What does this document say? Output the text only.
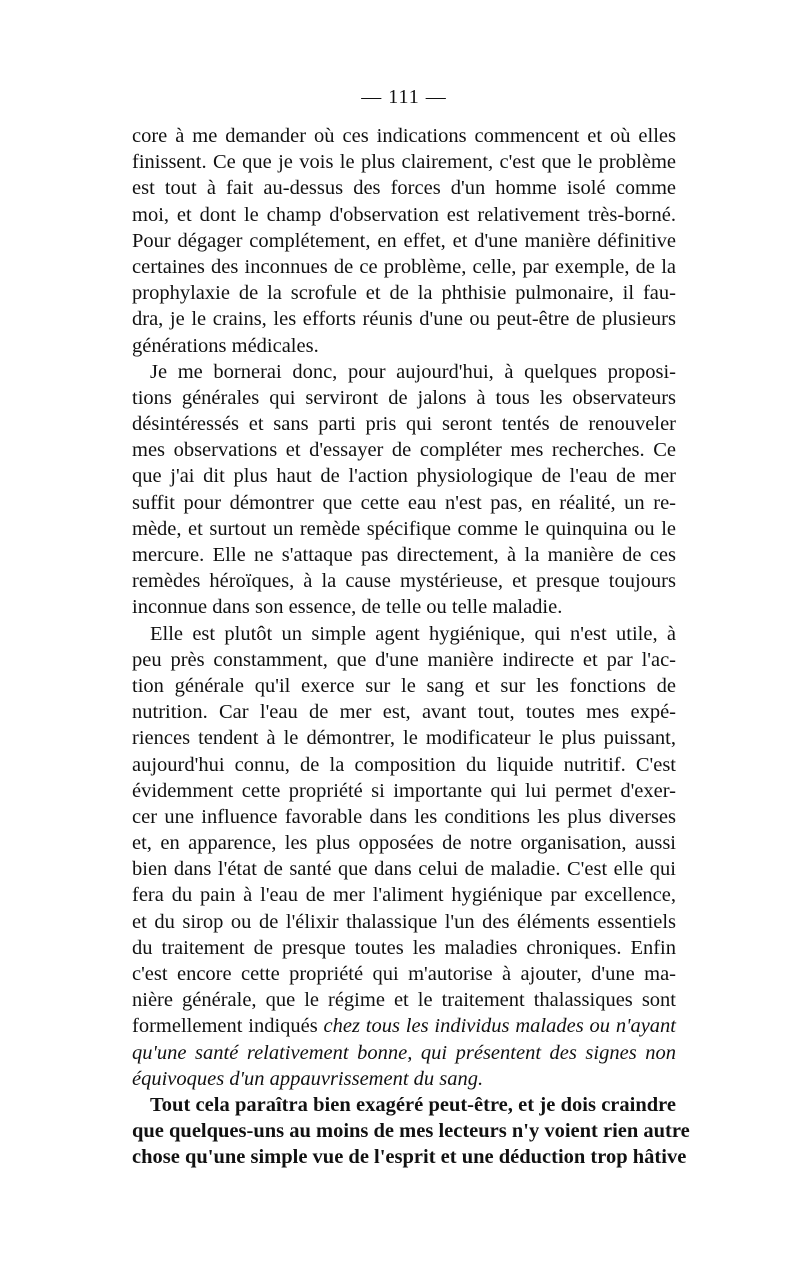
— 111 —
core à me demander où ces indications commencent et où elles
finissent. Ce que je vois le plus clairement, c'est que le problème
est tout à fait au-dessus des forces d'un homme isolé comme
moi, et dont le champ d'observation est relativement très-borné.
Pour dégager complétement, en effet, et d'une manière définitive
certaines des inconnues de ce problème, celle, par exemple, de la
prophylaxie de la scrofule et de la phthisie pulmonaire, il fau-
dra, je le crains, les efforts réunis d'une ou peut-être de plusieurs
générations médicales.
Je me bornerai donc, pour aujourd'hui, à quelques proposi-
tions générales qui serviront de jalons à tous les observateurs
désintéressés et sans parti pris qui seront tentés de renouveler
mes observations et d'essayer de compléter mes recherches. Ce
que j'ai dit plus haut de l'action physiologique de l'eau de mer
suffit pour démontrer que cette eau n'est pas, en réalité, un re-
mède, et surtout un remède spécifique comme le quinquina ou le
mercure. Elle ne s'attaque pas directement, à la manière de ces
remèdes héroïques, à la cause mystérieuse, et presque toujours
inconnue dans son essence, de telle ou telle maladie.
Elle est plutôt un simple agent hygiénique, qui n'est utile, à
peu près constamment, que d'une manière indirecte et par l'ac-
tion générale qu'il exerce sur le sang et sur les fonctions de
nutrition. Car l'eau de mer est, avant tout, toutes mes expé-
riences tendent à le démontrer, le modificateur le plus puissant,
aujourd'hui connu, de la composition du liquide nutritif. C'est
évidemment cette propriété si importante qui lui permet d'exer-
cer une influence favorable dans les conditions les plus diverses
et, en apparence, les plus opposées de notre organisation, aussi
bien dans l'état de santé que dans celui de maladie. C'est elle qui
fera du pain à l'eau de mer l'aliment hygiénique par excellence,
et du sirop ou de l'élixir thalassique l'un des éléments essentiels
du traitement de presque toutes les maladies chroniques. Enfin
c'est encore cette propriété qui m'autorise à ajouter, d'une ma-
nière générale, que le régime et le traitement thalassiques sont
formellement indiqués chez tous les individus malades ou n'ayant
qu'une santé relativement bonne, qui présentent des signes non
équivoques d'un appauvrissement du sang.
Tout cela paraîtra bien exagéré peut-être, et je dois craindre
que quelques-uns au moins de mes lecteurs n'y voient rien autre
chose qu'une simple vue de l'esprit et une déduction trop hâtive
